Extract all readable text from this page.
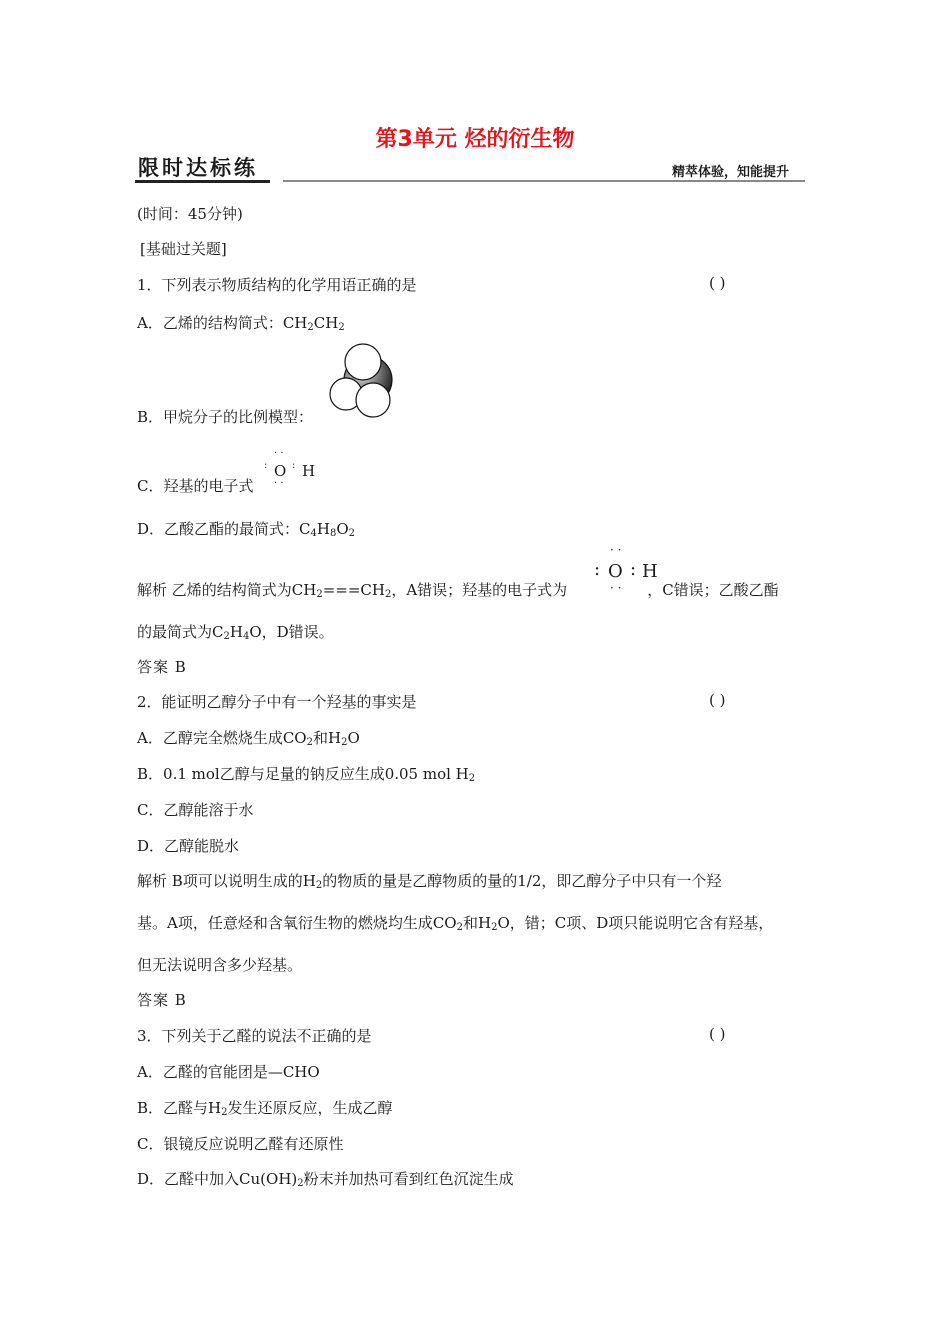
第3单元 烃的衍生物
限时达标练	精萃体验，知能提升
(时间：45分钟)
[基础过关题]
1．下列表示物质结构的化学用语正确的是	( )
A．乙烯的结构简式：$CH_2CH_2$
B．甲烷分子的比例模型：
C．羟基的电子式
· ·
: O : H
· ·
D．乙酸乙酯的最简式：$C_4H_8O_2$
解析 乙烯的结构简式为$CH_2===CH_2$，A错误；羟基的电子式为	，C错误；乙酸乙酯
· ·
: O : H
· ·
的最简式为$C_2H_4O$，D错误。
答案 B
2．能证明乙醇分子中有一个羟基的事实是	( )
A．乙醇完全燃烧生成$CO_2$和$H_2O$
B．0.1 mol乙醇与足量的钠反应生成0.05 mol $H_2$
C．乙醇能溶于水
D．乙醇能脱水
解析 B项可以说明生成的$H_2$的物质的量是乙醇物质的量的1/2，即乙醇分子中只有一个羟
基。A项，任意烃和含氧衍生物的燃烧均生成$CO_2$和$H_2O$，错；C项、D项只能说明它含有羟基，
但无法说明含多少羟基。
答案 B
3．下列关于乙醛的说法不正确的是	( )
A．乙醛的官能团是—CHO
B．乙醛与$H_2$发生还原反应，生成乙醇
C．银镜反应说明乙醛有还原性
D．乙醛中加入$Cu(OH)_2$粉末并加热可看到红色沉淀生成
